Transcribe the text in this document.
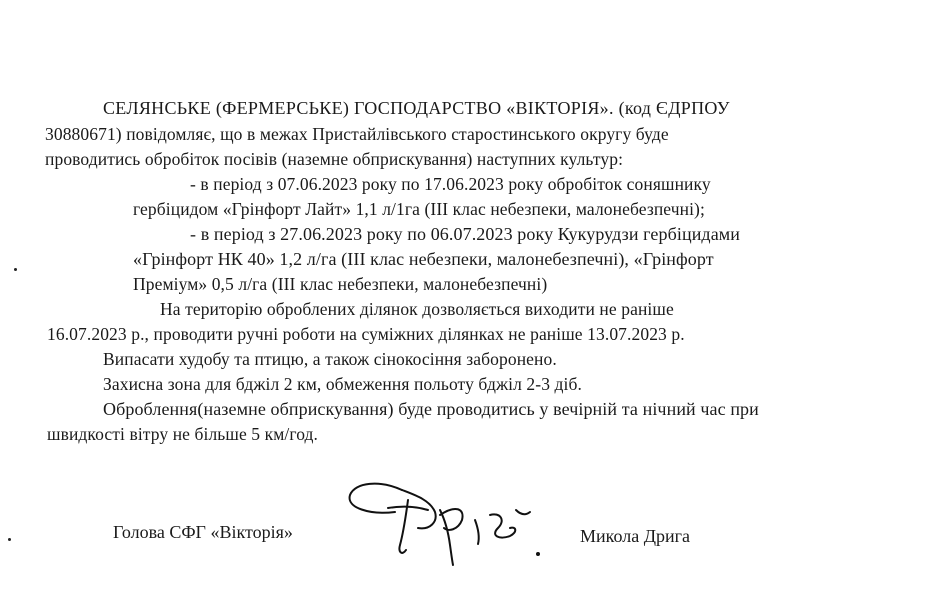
СЕЛЯНСЬКЕ (ФЕРМЕРСЬКЕ) ГОСПОДАРСТВО «ВІКТОРІЯ». (код ЄДРПОУ
30880671) повідомляє, що в межах Пристайлівського старостинського округу буде
проводитись обробіток посівів (наземне обприскування) наступних культур:
- в період з 07.06.2023 року по 17.06.2023 року обробіток соняшнику
гербіцидом «Грінфорт Лайт» 1,1 л/1га (III клас небезпеки, малонебезпечні);
- в період з 27.06.2023 року по 06.07.2023 року Кукурудзи гербіцидами
«Грінфорт НК 40» 1,2 л/га (III клас небезпеки, малонебезпечні), «Грінфорт
Преміум» 0,5 л/га (III клас небезпеки, малонебезпечні)
На територію оброблених ділянок дозволяється виходити не раніше
16.07.2023 р., проводити ручні роботи на суміжних ділянках не раніше 13.07.2023 р.
Випасати худобу та птицю, а також сінокосіння заборонено.
Захисна зона для бджіл 2 км, обмеження польоту бджіл 2-3 діб.
Оброблення(наземне обприскування) буде проводитись у вечірній та нічний час при
швидкості вітру не більше 5 км/год.
Голова СФГ «Вікторія»	Микола Дрига
